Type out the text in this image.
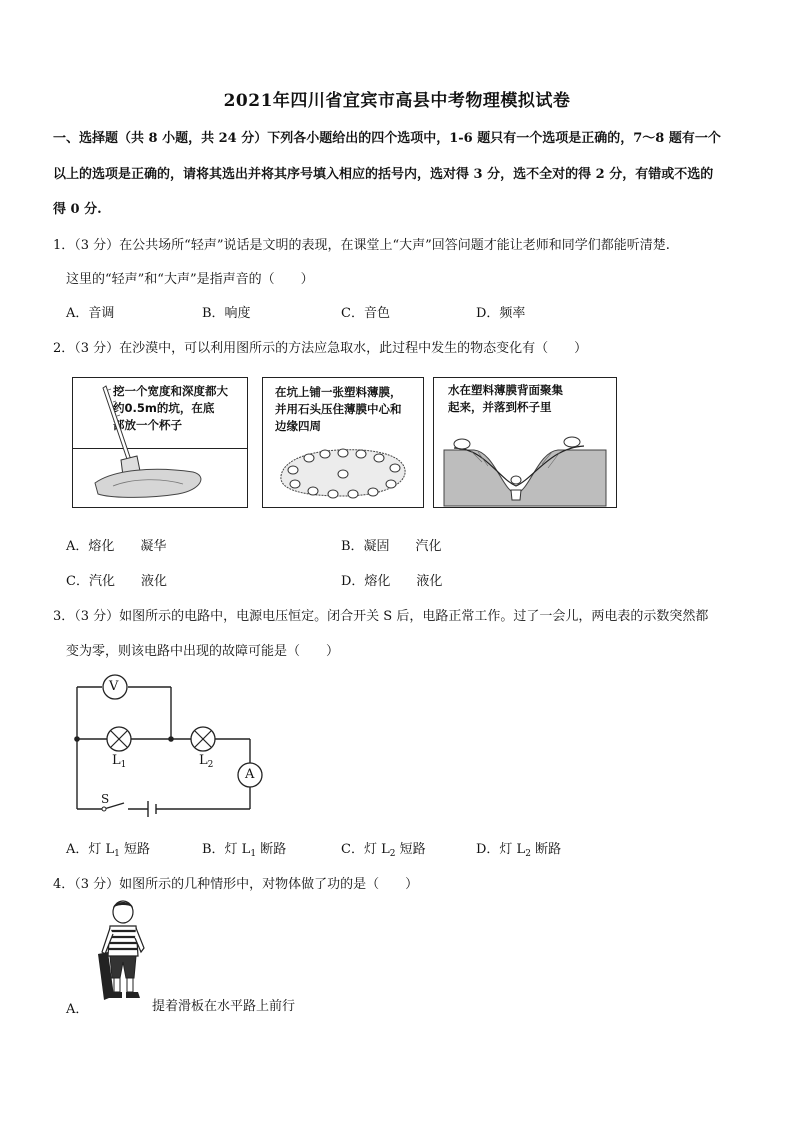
2021年四川省宜宾市高县中考物理模拟试卷
一、选择题（共 8 小题，共 24 分）下列各小题给出的四个选项中，1-6 题只有一个选项是正确的，7～8 题有一个
以上的选项是正确的，请将其选出并将其序号填入相应的括号内，选对得 3 分，选不全对的得 2 分，有错或不选的
得 0 分.
1．（3 分）在公共场所“轻声”说话是文明的表现，在课堂上“大声”回答问题才能让老师和同学们都能听清楚.
这里的“轻声”和“大声”是指声音的（　　）
A．音调	B．响度	C．音色	D．频率
2．（3 分）在沙漠中，可以利用图所示的方法应急取水，此过程中发生的物态变化有（　　）
挖一个宽度和深度都大
约0.5m的坑，在底
部放一个杯子
在坑上铺一张塑料薄膜，
并用石头压住薄膜中心和
边缘四周
水在塑料薄膜背面聚集
起来，并落到杯子里
A．熔化　　凝华	B．凝固　　汽化
C．汽化　　液化	D．熔化　　液化
3．（3 分）如图所示的电路中，电源电压恒定。闭合开关 S 后，电路正常工作。过了一会儿，两电表的示数突然都
变为零，则该电路中出现的故障可能是（　　）
V
A
$L_1$	$L_2$
S
A．灯 $L_1$ 短路	B．灯 $L_1$ 断路	C．灯 $L_2$ 短路	D．灯 $L_2$ 断路
4．（3 分）如图所示的几种情形中，对物体做了功的是（　　）
A．	提着滑板在水平路上前行
